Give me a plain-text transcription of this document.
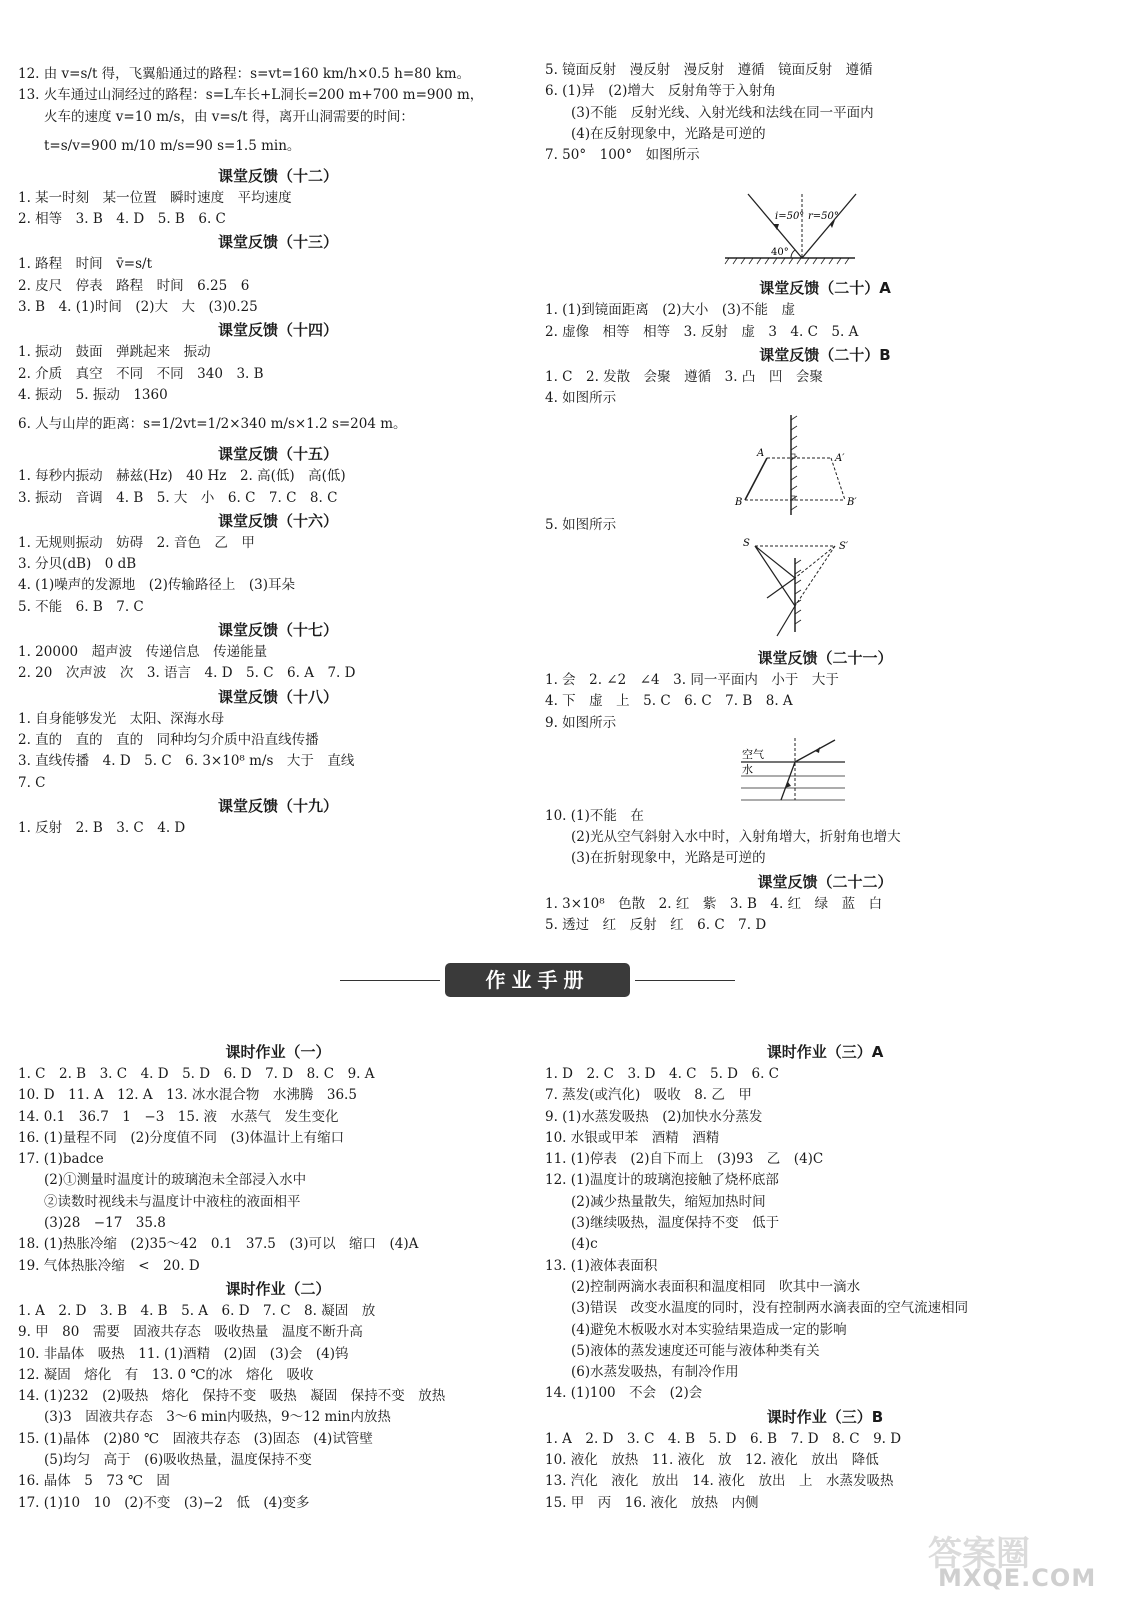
12. 由 v=s/t 得，飞翼船通过的路程：s=vt=160 km/h×0.5 h=80 km。
13. 火车通过山洞经过的路程：s=L车长+L洞长=200 m+700 m=900 m，
火车的速度 v=10 m/s，由 v=s/t 得，离开山洞需要的时间：
t=s/v=900 m/10 m/s=90 s=1.5 min。
课堂反馈（十二）
1. 某一时刻　某一位置　瞬时速度　平均速度
2. 相等　3. B　4. D　5. B　6. C
课堂反馈（十三）
1. 路程　时间　v̄=s/t
2. 皮尺　停表　路程　时间　6.25　6
3. B　4. (1)时间　(2)大　大　(3)0.25
课堂反馈（十四）
1. 振动　鼓面　弹跳起来　振动
2. 介质　真空　不同　不同　340　3. B
4. 振动　5. 振动　1360
6. 人与山岸的距离：s=1/2vt=1/2×340 m/s×1.2 s=204 m。
课堂反馈（十五）
1. 每秒内振动　赫兹(Hz)　40 Hz　2. 高(低)　高(低)
3. 振动　音调　4. B　5. 大　小　6. C　7. C　8. C
课堂反馈（十六）
1. 无规则振动　妨碍　2. 音色　乙　甲
3. 分贝(dB)　0 dB
4. (1)噪声的发源地　(2)传输路径上　(3)耳朵
5. 不能　6. B　7. C
课堂反馈（十七）
1. 20000　超声波　传递信息　传递能量
2. 20　次声波　次　3. 语言　4. D　5. C　6. A　7. D
课堂反馈（十八）
1. 自身能够发光　太阳、深海水母
2. 直的　直的　直的　同种均匀介质中沿直线传播
3. 直线传播　4. D　5. C　6. 3×10⁸ m/s　大于　直线
7. C
课堂反馈（十九）
1. 反射　2. B　3. C　4. D
5. 镜面反射　漫反射　漫反射　遵循　镜面反射　遵循
6. (1)异　(2)增大　反射角等于入射角
(3)不能　反射光线、入射光线和法线在同一平面内
(4)在反射现象中，光路是可逆的
7. 50°　100°　如图所示
i=50° r=50°
40°
课堂反馈（二十）A
1. (1)到镜面距离　(2)大小　(3)不能　虚
2. 虚像　相等　相等　3. 反射　虚　3　4. C　5. A
课堂反馈（二十）B
1. C　2. 发散　会聚　遵循　3. 凸　凹　会聚
4. 如图所示
A	A′
B	B′
5. 如图所示
S	S′
课堂反馈（二十一）
1. 会　2. ∠2　∠4　3. 同一平面内　小于　大于
4. 下　虚　上　5. C　6. C　7. B　8. A
9. 如图所示
空气
水
10. (1)不能　在
(2)光从空气斜射入水中时，入射角增大，折射角也增大
(3)在折射现象中，光路是可逆的
课堂反馈（二十二）
1. 3×10⁸　色散　2. 红　紫　3. B　4. 红　绿　蓝　白
5. 透过　红　反射　红　6. C　7. D
作业手册
课时作业（一）
1. C　2. B　3. C　4. D　5. D　6. D　7. D　8. C　9. A
10. D　11. A　12. A　13. 冰水混合物　水沸腾　36.5
14. 0.1　36.7　1　−3　15. 液　水蒸气　发生变化
16. (1)量程不同　(2)分度值不同　(3)体温计上有缩口
17. (1)badce
(2)①测量时温度计的玻璃泡未全部浸入水中
②读数时视线未与温度计中液柱的液面相平
(3)28　−17　35.8
18. (1)热胀冷缩　(2)35～42　0.1　37.5　(3)可以　缩口　(4)A
19. 气体热胀冷缩　<　20. D
课时作业（二）
1. A　2. D　3. B　4. B　5. A　6. D　7. C　8. 凝固　放
9. 甲　80　需要　固液共存态　吸收热量　温度不断升高
10. 非晶体　吸热　11. (1)酒精　(2)固　(3)会　(4)钨
12. 凝固　熔化　有　13. 0 ℃的冰　熔化　吸收
14. (1)232　(2)吸热　熔化　保持不变　吸热　凝固　保持不变　放热
(3)3　固液共存态　3～6 min内吸热，9～12 min内放热
15. (1)晶体　(2)80 ℃　固液共存态　(3)固态　(4)试管壁
(5)均匀　高于　(6)吸收热量，温度保持不变
16. 晶体　5　73 ℃　固
17. (1)10　10　(2)不变　(3)−2　低　(4)变多
课时作业（三）A
1. D　2. C　3. D　4. C　5. D　6. C
7. 蒸发(或汽化)　吸收　8. 乙　甲
9. (1)水蒸发吸热　(2)加快水分蒸发
10. 水银或甲苯　酒精　酒精
11. (1)停表　(2)自下而上　(3)93　乙　(4)C
12. (1)温度计的玻璃泡接触了烧杯底部
(2)减少热量散失，缩短加热时间
(3)继续吸热，温度保持不变　低于
(4)c
13. (1)液体表面积
(2)控制两滴水表面积和温度相同　吹其中一滴水
(3)错误　改变水温度的同时，没有控制两水滴表面的空气流速相同
(4)避免木板吸水对本实验结果造成一定的影响
(5)液体的蒸发速度还可能与液体种类有关
(6)水蒸发吸热，有制冷作用
14. (1)100　不会　(2)会
课时作业（三）B
1. A　2. D　3. C　4. B　5. D　6. B　7. D　8. C　9. D
10. 液化　放热　11. 液化　放　12. 液化　放出　降低
13. 汽化　液化　放出　14. 液化　放出　上　水蒸发吸热
15. 甲　丙　16. 液化　放热　内侧
答案圈
MXQE.COM
